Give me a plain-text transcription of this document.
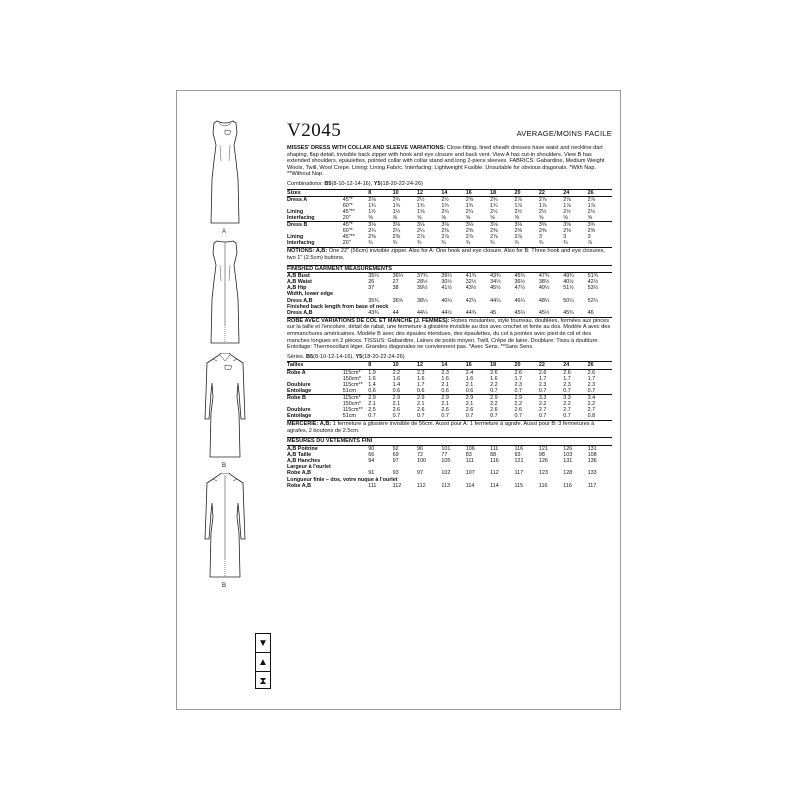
A
B
B
▼
▲
⧗
V2045	AVERAGE/MOINS FACILE

MISSES' DRESS WITH COLLAR AND SLEEVE VARIATIONS: Close-fitting, lined sheath dresses have waist and neckline dart shaping, flap detail, invisible back zipper with hook and eye closure and back vent. View A has cut-in shoulders. View B has extended shoulders, epaulettes, pointed collar with collar stand and long 2-piece sleeves. FABRICS: Gabardine, Medium Weight Wools, Twill, Wool Crepe. Lining: Lining Fabric. Interfacing: Lightweight Fusible. Unsuitable for obvious diagonals. *With Nap. **Without Nap.

Combinations: B5(8-10-12-14-16), Y5(18-20-22-24-26)
Sizes		8	10	12	14	16	18	20	22	24	26
Dress A	45"*	2⅛	2¾	2½	2½	2⅝	2¾	2⅞	2⅞	2⅞	2⅞
	60"*	1¾	1¾	1¾	1¾	1¾	1¾	1⅞	1⅞	1⅞	1⅞
Lining	45"**	1½	1½	1⅝	2¼	2¼	2½	2½	2½	2½	2½
Interfacing	20"	⅝	⅝	⅝	⅝	⅝	⅝	⅝	⅝	⅝	⅝
Dress B	45"*	3⅛	3⅛	3⅛	3⅛	3⅛	3⅛	3⅛	3⅝	3⅝	3¾
	60"*	2¼	2¼	2¼	2⅜	2⅜	2⅜	2⅜	2⅜	2⅜	2⅜
Lining	45"**	2⅜	2⅜	2⅞	2⅞	2⅞	2⅞	2⅞	3	3	3
Interfacing	20"	¾	¾	¾	¾	¾	¾	¾	¾	¾	⅞

NOTIONS: A,B: One 22" (56cm) invisible zipper. Also for A: One hook and eye closure. Also for B: Three hook and eye closures, two 1" (2.5cm) buttons.

FINISHED GARMENT MEASUREMENTS
A,B Bust		35¼	36¼	37¾	39¼	41¾	43¾	45¾	47¾	49¾	51¾
A,B Waist		26	27	28½	30½	32½	34½	36½	38½	40½	42½
A,B Hip		37	38	39½	41½	43½	45½	47½	49½	51½	53½
Width, lower edge											
Dress A,B		35¾	36¾	38¼	40¼	42¼	44¼	46¼	48¼	50¼	52¼
Finished back length from base of neck											
Dress A,B		43¾	44	44¼	44½	44¾	45	45¼	45½	45¾	46

ROBE AVEC VARIATIONS DE COL ET MANCHE (J. FEMMES): Robes moulantes, style fourreau, doublées, formées aux pinces sur la taille et l'encolure, détail de rabat, une fermeture à glissière invisible au dos avec crochet et fente au dos. Modèle A avec des emmanchures américaines. Modèle B avec des épaules étendues, des épaulettes, du col à pointes avec pied de col et des manches longues en 2 pièces. TISSUS: Gabardine, Laines de poids moyen, Twill, Crêpe de laine. Doublure: Tissu à doublure. Entoilage: Thermocollant léger. Grandes diagonales ne conviennent pas. *Avec Sens. **Sans Sens.

Séries. B5(8-10-12-14-16), Y5(18-20-22-24-26)
Tailles		8	10	12	14	16	18	20	22	24	26
Robe A	115cm*	1.9	2.2	2.3	2.3	2.4	2.6	2.6	2.6	2.6	2.6
	150cm*	1.6	1.6	1.6	1.6	1.6	1.6	1.7	1.7	1.7	1.7
Doublure	115cm**	1.4	1.4	1.7	2.1	2.1	2.2	2.3	2.3	2.3	2.3
Entoilage	51cm	0.6	0.6	0.6	0.6	0.6	0.7	0.7	0.7	0.7	0.7
Robe B	115cm*	2.9	2.9	2.9	2.9	2.9	2.9	2.9	3.3	3.3	3.4
	150cm*	2.1	2.1	2.1	2.1	2.1	2.2	2.2	2.2	2.2	2.2
Doublure	115cm**	2.5	2.6	2.6	2.6	2.6	2.6	2.6	2.7	2.7	2.7
Entoilage	51cm	0.7	0.7	0.7	0.7	0.7	0.7	0.7	0.7	0.7	0.8

MERCERIE: A,B: 1 fermeture à glissière invisible de 56cm. Aussi pour A: 1 fermeture à agrafe. Aussi pour B: 3 fermetures à agrafes, 2 boutons de 2.5cm.

MESURES DU VÊTEMENTS FINI
A,B Poitrine		90	92	96	101	106	111	116	121	126	131
A,B Taille		66	69	72	77	83	88	93	98	103	108
A,B Hanches		94	97	100	105	111	116	121	126	131	136
Largeur à l'ourlet											
Robe A,B		91	93	97	102	107	112	117	123	128	133
Longueur finie – dos, votre nuque à l'ourlet											
Robe A,B		111	112	112	113	114	114	115	116	116	117
